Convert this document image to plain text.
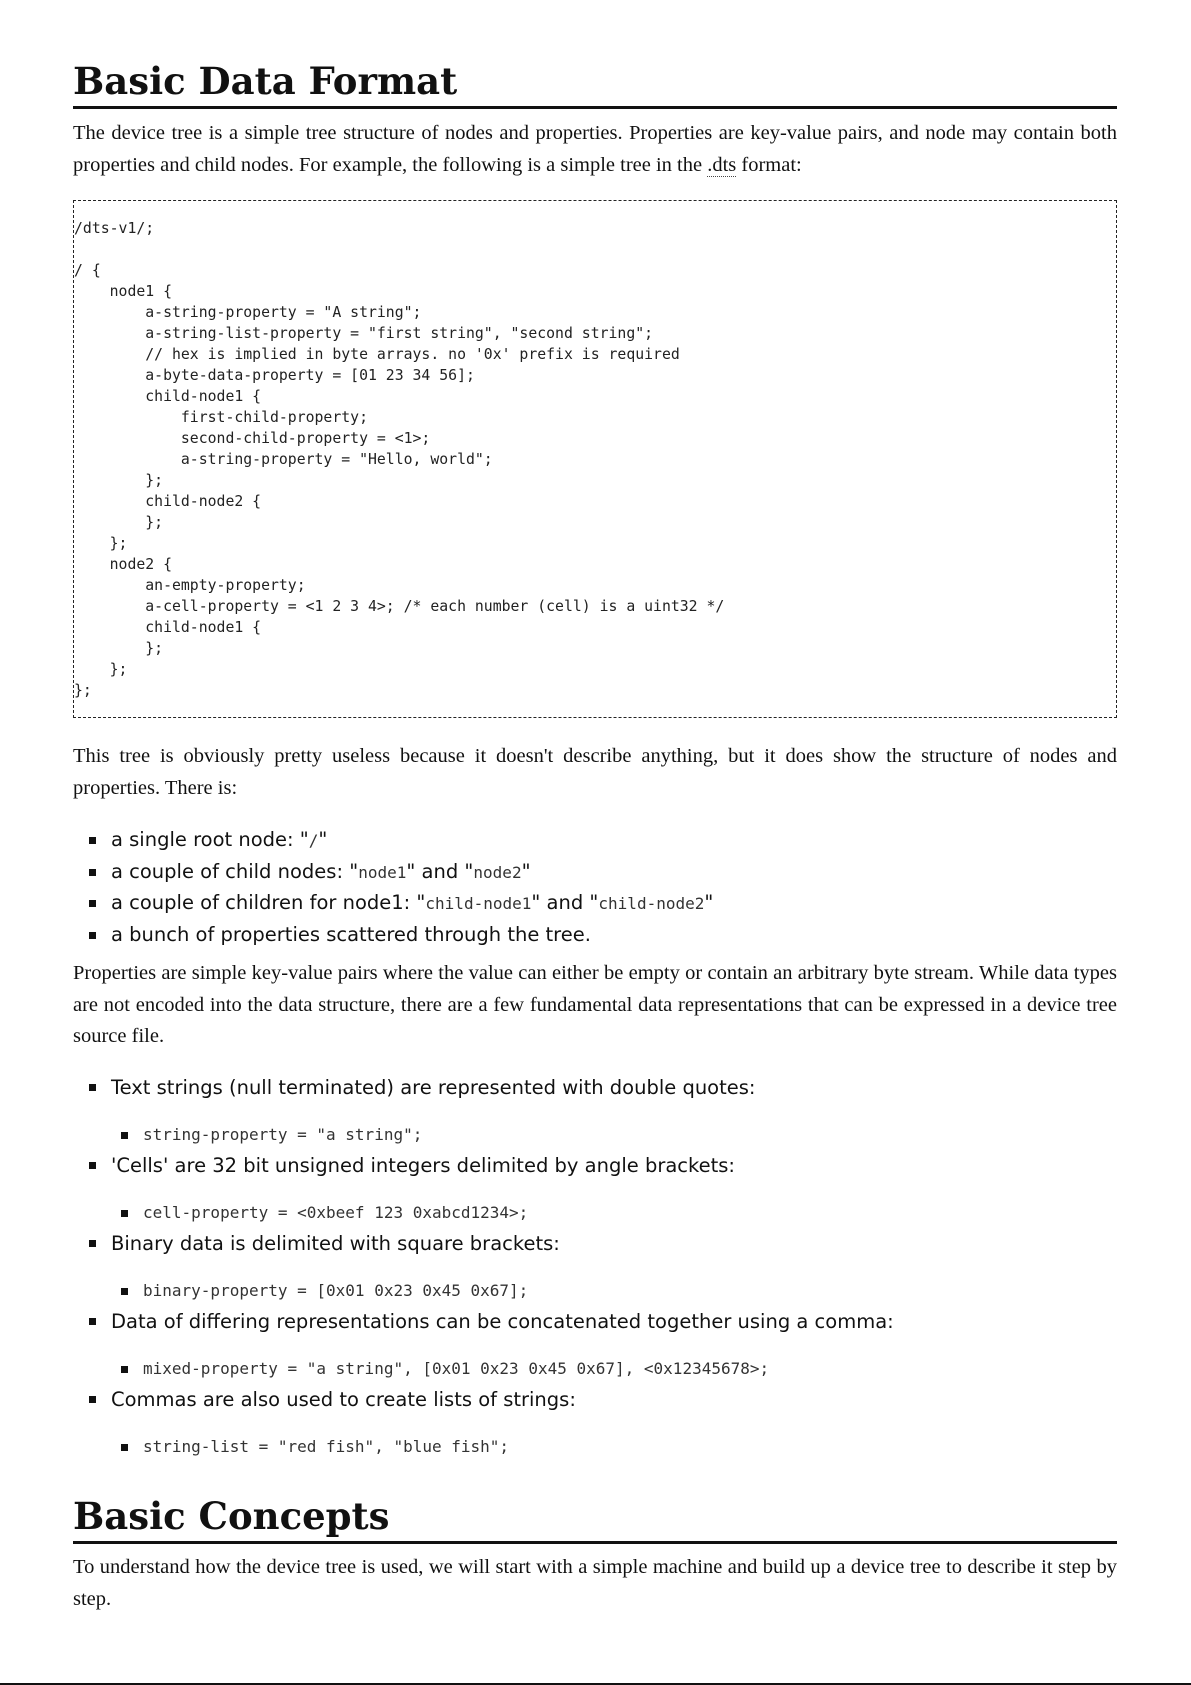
Basic Data Format

The device tree is a simple tree structure of nodes and properties. Properties are key-value pairs, and node may contain both properties and child nodes. For example, the following is a simple tree in the .dts format:

/dts-v1/;

/ {
node1 {
a-string-property = "A string";
a-string-list-property = "first string", "second string";
// hex is implied in byte arrays. no '0x' prefix is required
a-byte-data-property = [01 23 34 56];
child-node1 {
first-child-property;
second-child-property = <1>;
a-string-property = "Hello, world";
};
child-node2 {
};
};
node2 {
an-empty-property;
a-cell-property = <1 2 3 4>; /* each number (cell) is a uint32 */
child-node1 {
};
};
};

This tree is obviously pretty useless because it doesn't describe anything, but it does show the structure of nodes and properties. There is:

a single root node: "/"
a couple of child nodes: "node1" and "node2"
a couple of children for node1: "child-node1" and "child-node2"
a bunch of properties scattered through the tree.

Properties are simple key-value pairs where the value can either be empty or contain an arbitrary byte stream. While data types are not encoded into the data structure, there are a few fundamental data representations that can be expressed in a device tree source file.

Text strings (null terminated) are represented with double quotes:
string-property = "a string";
'Cells' are 32 bit unsigned integers delimited by angle brackets:
cell-property = <0xbeef 123 0xabcd1234>;
Binary data is delimited with square brackets:
binary-property = [0x01 0x23 0x45 0x67];
Data of differing representations can be concatenated together using a comma:
mixed-property = "a string", [0x01 0x23 0x45 0x67], <0x12345678>;
Commas are also used to create lists of strings:
string-list = "red fish", "blue fish";
Basic Concepts

To understand how the device tree is used, we will start with a simple machine and build up a device tree to describe it step by step.
